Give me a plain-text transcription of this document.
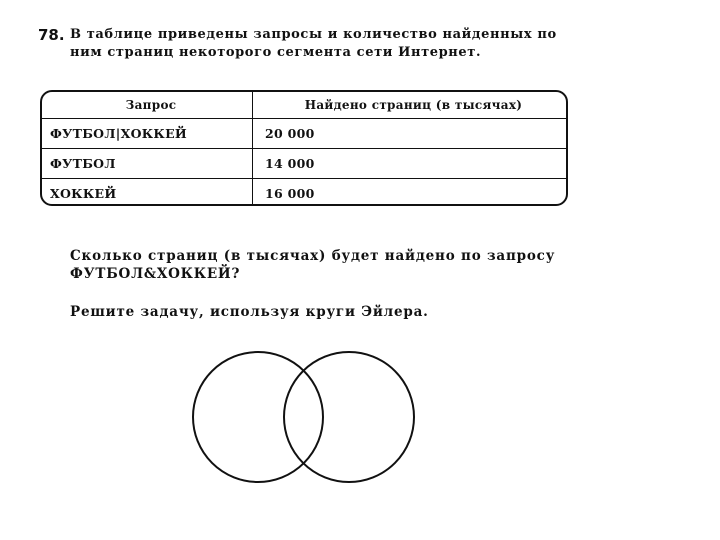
78. В таблице приведены запросы и количество найденных по
ним страниц некоторого сегмента сети Интернет.
Запрос	Найдено страниц (в тысячах)
ФУТБОЛ|ХОККЕЙ	20 000
ФУТБОЛ	14 000
ХОККЕЙ	16 000
Сколько страниц (в тысячах) будет найдено по запросу
ФУТБОЛ&ХОККЕЙ?
Решите задачу, используя круги Эйлера.
